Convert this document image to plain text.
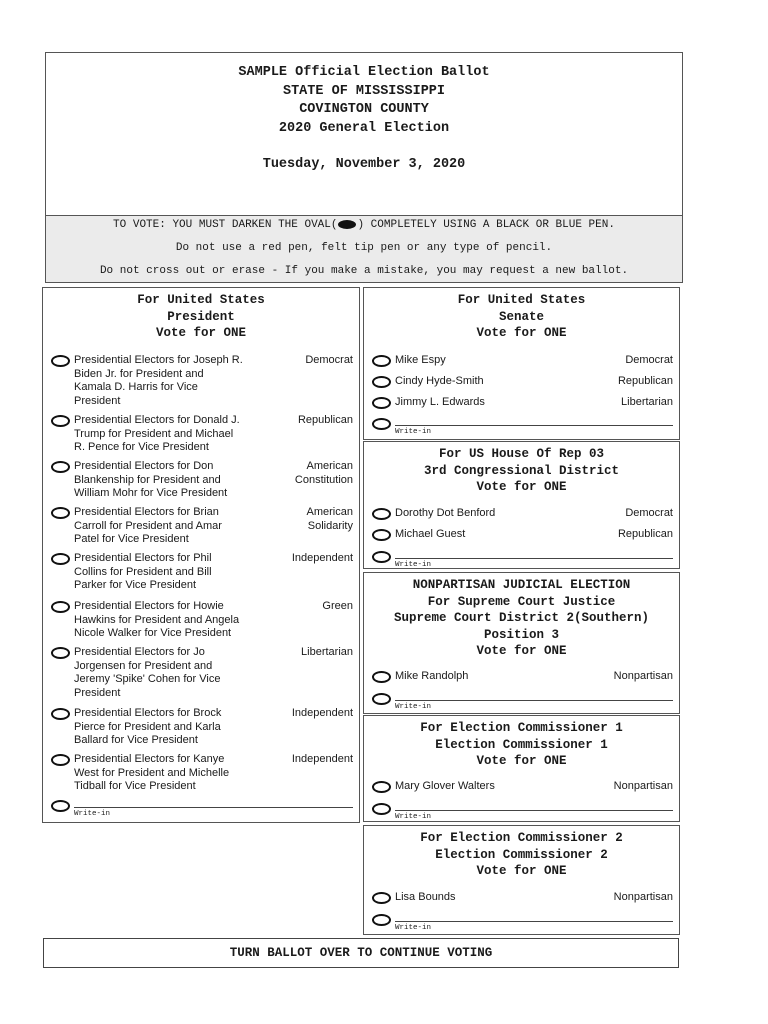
SAMPLE Official Election Ballot
STATE OF MISSISSIPPI
COVINGTON COUNTY
2020 General Election
Tuesday, November 3, 2020
TO VOTE: YOU MUST DARKEN THE OVAL( ) COMPLETELY USING A BLACK OR BLUE PEN.
Do not use a red pen, felt tip pen or any type of pencil.
Do not cross out or erase - If you make a mistake, you may request a new ballot.
For United States
President
Vote for ONE
Presidential Electors for Joseph R.
Biden Jr. for President and
Kamala D. Harris for Vice
President
Democrat
Presidential Electors for Donald J.
Trump for President and Michael
R. Pence for Vice President
Republican
Presidential Electors for Don
Blankenship for President and
William Mohr for Vice President
American
Constitution
Presidential Electors for Brian
Carroll for President and Amar
Patel for Vice President
American
Solidarity
Presidential Electors for Phil
Collins for President and Bill
Parker for Vice President
Independent
Presidential Electors for Howie
Hawkins for President and Angela
Nicole Walker for Vice President
Green
Presidential Electors for Jo
Jorgensen for President and
Jeremy 'Spike' Cohen for Vice
President
Libertarian
Presidential Electors for Brock
Pierce for President and Karla
Ballard for Vice President
Independent
Presidential Electors for Kanye
West for President and Michelle
Tidball for Vice President
Independent
Write-in
For United States
Senate
Vote for ONE
Mike Espy	Democrat
Cindy Hyde-Smith	Republican
Jimmy L. Edwards	Libertarian
Write-in
For US House Of Rep 03
3rd Congressional District
Vote for ONE
Dorothy Dot Benford	Democrat
Michael Guest	Republican
Write-in
NONPARTISAN JUDICIAL ELECTION
For Supreme Court Justice
Supreme Court District 2(Southern)
Position 3
Vote for ONE
Mike Randolph	Nonpartisan
Write-in
For Election Commissioner 1
Election Commissioner 1
Vote for ONE
Mary Glover Walters	Nonpartisan
Write-in
For Election Commissioner 2
Election Commissioner 2
Vote for ONE
Lisa Bounds	Nonpartisan
Write-in
TURN BALLOT OVER TO CONTINUE VOTING
